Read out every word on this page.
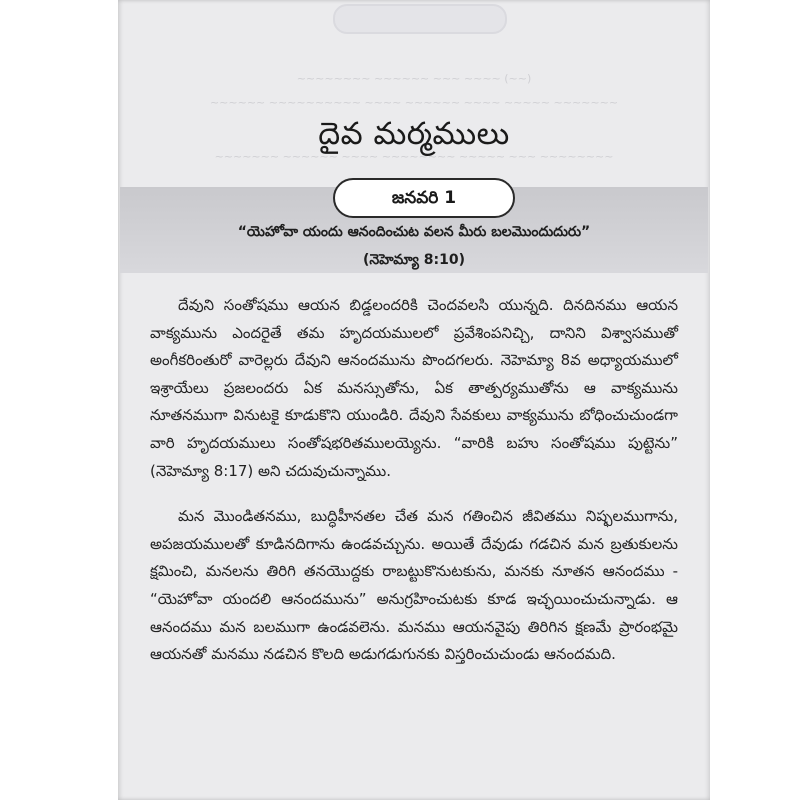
~~~~~~~~ ~~~~~~ ~~~ ~~~~ (~~)
~~~~~~ ~~~~~~~~~~ ~~~~ ~~~~~~ ~~~~ ~~~~~ ~~~~~~~
~~~~~~~ ~~~~~~ ~~~~ ~~~~~~~~ ~~~~~ ~~~ ~~~~~~~~
దైవ మర్మములు
జనవరి 1
“యెహోవా యందు ఆనందించుట వలన మీరు బలమొందుదురు”
(నెహెమ్యా 8:10)

దేవుని సంతోషము ఆయన బిడ్డలందరికి చెందవలసి యున్నది. దినదినము ఆయన వాక్యమును ఎందరైతే తమ హృదయములలో ప్రవేశింపనిచ్చి, దానిని విశ్వాసముతో అంగీకరింతురో వారెల్లరు దేవుని ఆనందమును పొందగలరు. నెహెమ్యా 8వ అధ్యాయములో ఇశ్రాయేలు ప్రజలందరు ఏక మనస్సుతోను, ఏక తాత్పర్యముతోను ఆ వాక్యమును నూతనముగా వినుటకై కూడుకొని యుండిరి. దేవుని సేవకులు వాక్యమును బోధించుచుండగా వారి హృదయములు సంతోషభరితములయ్యెను. “వారికి బహు సంతోషము పుట్టెను” (నెహెమ్యా 8:17) అని చదువుచున్నాము.

మన మొండితనము, బుద్ధిహీనతల చేత మన గతించిన జీవితము నిష్ఫలముగాను, అపజయములతో కూడినదిగాను ఉండవచ్చును. అయితే దేవుడు గడచిన మన బ్రతుకులను క్షమించి, మనలను తిరిగి తనయొద్దకు రాబట్టుకొనుటకును, మనకు నూతన ఆనందము - “యెహోవా యందలి ఆనందమును” అనుగ్రహించుటకు కూడ ఇచ్ఛయించుచున్నాడు. ఆ ఆనందము మన బలముగా ఉండవలెను. మనము ఆయనవైపు తిరిగిన క్షణమే ప్రారంభమై ఆయనతో మనము నడచిన కొలది అడుగడుగునకు విస్తరించుచుండు ఆనందమది.
